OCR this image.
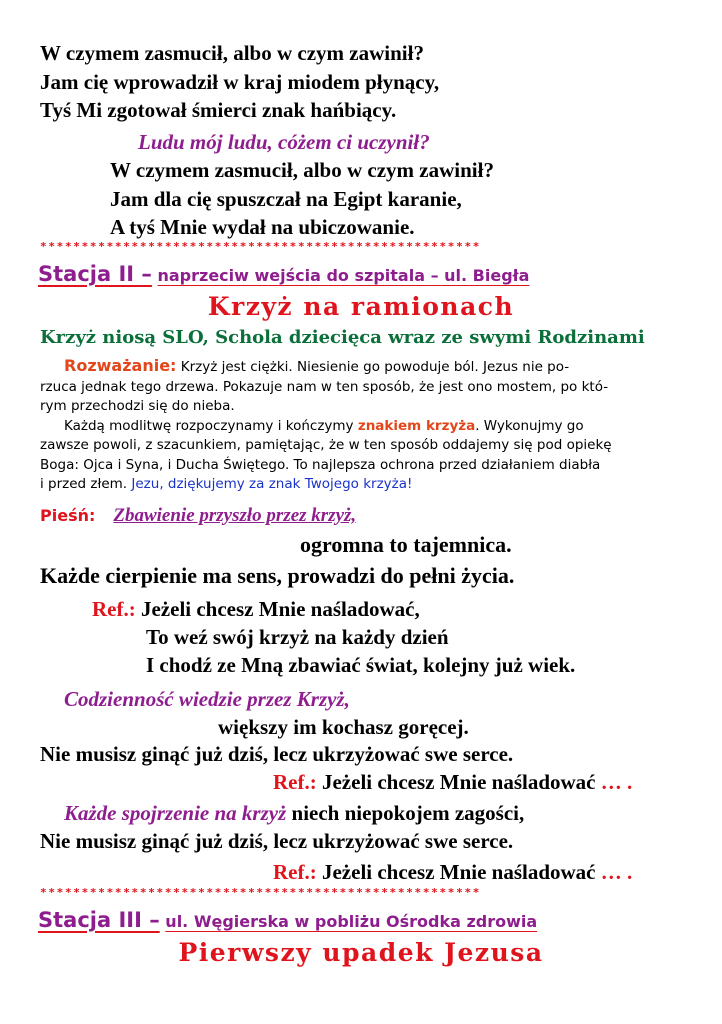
W czymem zasmucił, albo w czym zawinił?
Jam cię wprowadził w kraj miodem płynący,
Tyś Mi zgotował śmierci znak hańbiący.
Ludu mój ludu, cóżem ci uczynił?
W czymem zasmucił, albo w czym zawinił?
Jam dla cię spuszczał na Egipt karanie,
A tyś Mnie wydał na ubiczowanie.
*****************************************************
Stacja II – naprzeciw wejścia do szpitala – ul. Biegła
Krzyż na ramionach
Krzyż niosą SLO, Schola dziecięca wraz ze swymi Rodzinami
Rozważanie: Krzyż jest ciężki. Niesienie go powoduje ból. Jezus nie po-
rzuca jednak tego drzewa. Pokazuje nam w ten sposób, że jest ono mostem, po któ-
rym przechodzi się do nieba.
Każdą modlitwę rozpoczynamy i kończymy znakiem krzyża. Wykonujmy go
zawsze powoli, z szacunkiem, pamiętając, że w ten sposób oddajemy się pod opiekę
Boga: Ojca i Syna, i Ducha Świętego. To najlepsza ochrona przed działaniem diabła
i przed złem. Jezu, dziękujemy za znak Twojego krzyża!
Pieśń: Zbawienie przyszło przez krzyż,
ogromna to tajemnica.
Każde cierpienie ma sens, prowadzi do pełni życia.
Ref.: Jeżeli chcesz Mnie naśladować,
To weź swój krzyż na każdy dzień
I chodź ze Mną zbawiać świat, kolejny już wiek.
Codzienność wiedzie przez Krzyż,
większy im kochasz goręcej.
Nie musisz ginąć już dziś, lecz ukrzyżować swe serce.
Ref.: Jeżeli chcesz Mnie naśladować … .
Każde spojrzenie na krzyż niech niepokojem zagości,
Nie musisz ginąć już dziś, lecz ukrzyżować swe serce.
Ref.: Jeżeli chcesz Mnie naśladować … .
*****************************************************
Stacja III – ul. Węgierska w pobliżu Ośrodka zdrowia
Pierwszy upadek Jezusa
